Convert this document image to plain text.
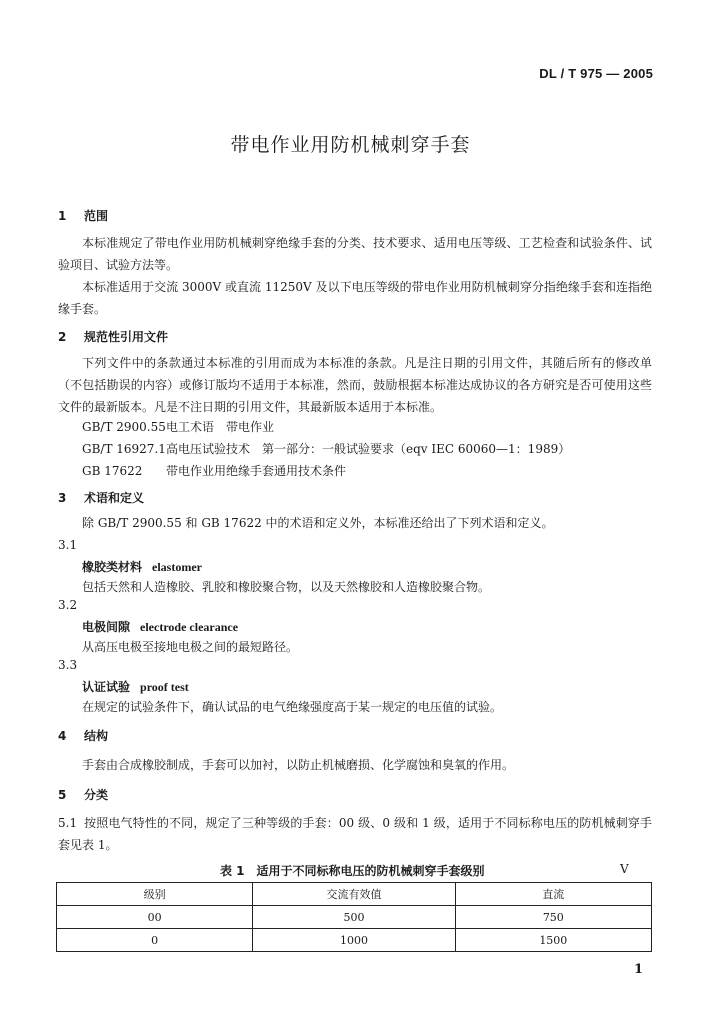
DL / T 975 — 2005
带电作业用防机械刺穿手套
1 范围
本标准规定了带电作业用防机械刺穿绝缘手套的分类、技术要求、适用电压等级、工艺检查和试验条件、试验项目、试验方法等。
本标准适用于交流 3000V 或直流 11250V 及以下电压等级的带电作业用防机械刺穿分指绝缘手套和连指绝缘手套。
2 规范性引用文件
下列文件中的条款通过本标准的引用而成为本标准的条款。凡是注日期的引用文件，其随后所有的修改单（不包括勘误的内容）或修订版均不适用于本标准，然而，鼓励根据本标准达成协议的各方研究是否可使用这些文件的最新版本。凡是不注日期的引用文件，其最新版本适用于本标准。
GB/T 2900.55电工术语　带电作业
GB/T 16927.1高电压试验技术　第一部分：一般试验要求（eqv IEC 60060—1：1989）
GB 17622 带电作业用绝缘手套通用技术条件
3 术语和定义
除 GB/T 2900.55 和 GB 17622 中的术语和定义外，本标准还给出了下列术语和定义。
3.1
橡胶类材料 elastomer
包括天然和人造橡胶、乳胶和橡胶聚合物，以及天然橡胶和人造橡胶聚合物。
3.2
电极间隙 electrode clearance
从高压电极至接地电极之间的最短路径。
3.3
认证试验 proof test
在规定的试验条件下，确认试品的电气绝缘强度高于某一规定的电压值的试验。
4 结构
手套由合成橡胶制成，手套可以加衬，以防止机械磨损、化学腐蚀和臭氧的作用。
5 分类
5.1 按照电气特性的不同，规定了三种等级的手套：00 级、0 级和 1 级，适用于不同标称电压的防机械刺穿手套见表 1。
表 1 适用于不同标称电压的防机械刺穿手套级别	V
级别	交流有效值	直流
00	500	750
0	1000	1500
1
